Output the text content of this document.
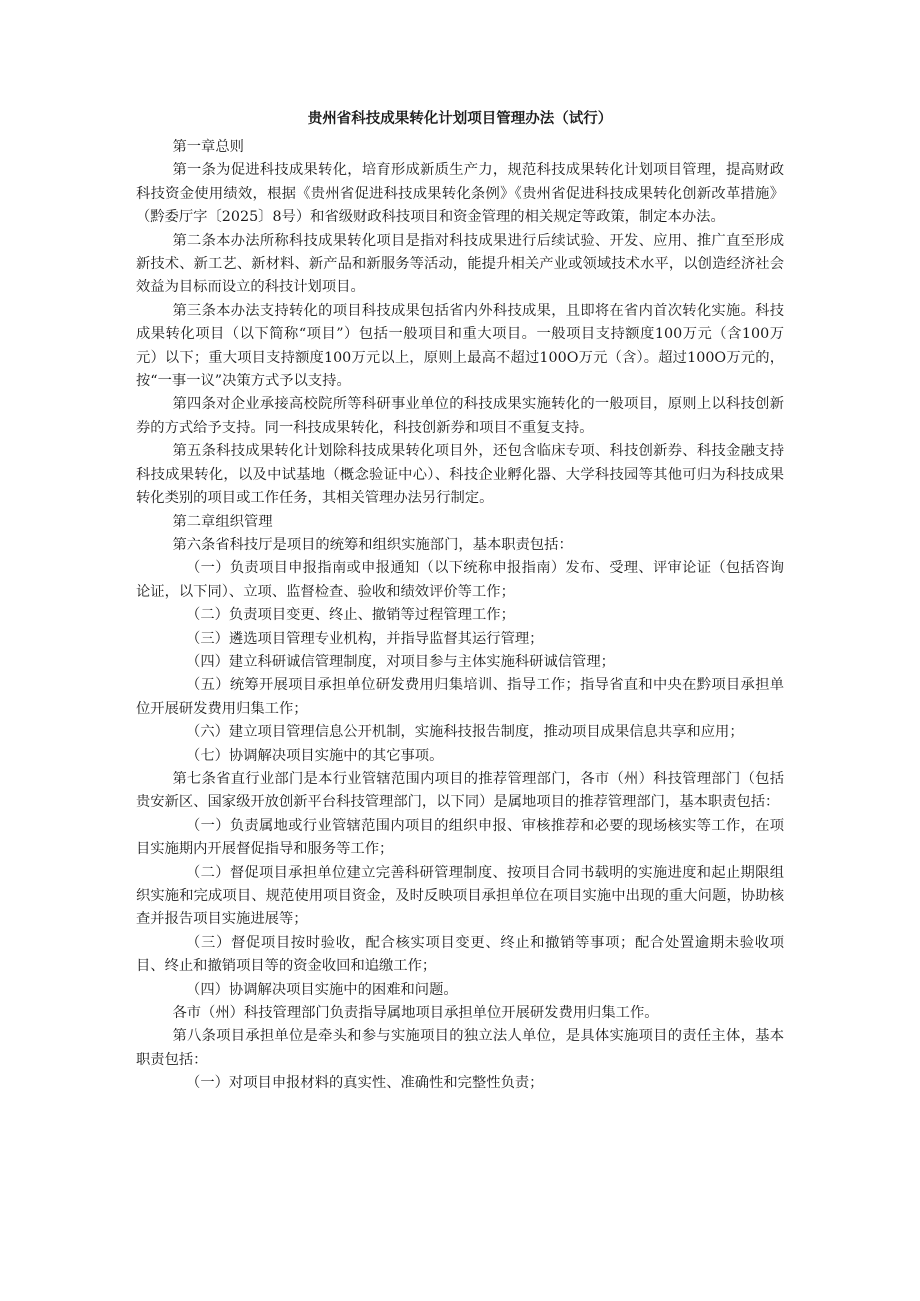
贵州省科技成果转化计划项目管理办法（试行）

第一章总则

第一条为促进科技成果转化，培育形成新质生产力，规范科技成果转化计划项目管理，提高财政科技资金使用绩效，根据《贵州省促进科技成果转化条例》《贵州省促进科技成果转化创新改革措施》（黔委厅字〔2025〕8号）和省级财政科技项目和资金管理的相关规定等政策，制定本办法。

第二条本办法所称科技成果转化项目是指对科技成果进行后续试验、开发、应用、推广直至形成新技术、新工艺、新材料、新产品和新服务等活动，能提升相关产业或领域技术水平，以创造经济社会效益为目标而设立的科技计划项目。

第三条本办法支持转化的项目科技成果包括省内外科技成果，且即将在省内首次转化实施。科技成果转化项目（以下简称“项目”）包括一般项目和重大项目。一般项目支持额度100万元（含100万元）以下；重大项目支持额度100万元以上，原则上最高不超过100O万元（含）。超过100O万元的，按“一事一议”决策方式予以支持。

第四条对企业承接高校院所等科研事业单位的科技成果实施转化的一般项目，原则上以科技创新券的方式给予支持。同一科技成果转化，科技创新券和项目不重复支持。

第五条科技成果转化计划除科技成果转化项目外，还包含临床专项、科技创新券、科技金融支持科技成果转化，以及中试基地（概念验证中心）、科技企业孵化器、大学科技园等其他可归为科技成果转化类别的项目或工作任务，其相关管理办法另行制定。

第二章组织管理

第六条省科技厅是项目的统筹和组织实施部门，基本职责包括：

（一）负责项目申报指南或申报通知（以下统称申报指南）发布、受理、评审论证（包括咨询论证，以下同）、立项、监督检查、验收和绩效评价等工作；

（二）负责项目变更、终止、撤销等过程管理工作；

（三）遴选项目管理专业机构，并指导监督其运行管理；

（四）建立科研诚信管理制度，对项目参与主体实施科研诚信管理；

（五）统筹开展项目承担单位研发费用归集培训、指导工作；指导省直和中央在黔项目承担单位开展研发费用归集工作；

（六）建立项目管理信息公开机制，实施科技报告制度，推动项目成果信息共享和应用；

（七）协调解决项目实施中的其它事项。

第七条省直行业部门是本行业管辖范围内项目的推荐管理部门，各市（州）科技管理部门（包括贵安新区、国家级开放创新平台科技管理部门，以下同）是属地项目的推荐管理部门，基本职责包括：

（一）负责属地或行业管辖范围内项目的组织申报、审核推荐和必要的现场核实等工作，在项目实施期内开展督促指导和服务等工作；

（二）督促项目承担单位建立完善科研管理制度、按项目合同书载明的实施进度和起止期限组织实施和完成项目、规范使用项目资金，及时反映项目承担单位在项目实施中出现的重大问题，协助核查并报告项目实施进展等；

（三）督促项目按时验收，配合核实项目变更、终止和撤销等事项；配合处置逾期未验收项目、终止和撤销项目等的资金收回和追缴工作；

（四）协调解决项目实施中的困难和问题。

各市（州）科技管理部门负责指导属地项目承担单位开展研发费用归集工作。

第八条项目承担单位是牵头和参与实施项目的独立法人单位，是具体实施项目的责任主体，基本职责包括：

（一）对项目申报材料的真实性、准确性和完整性负责；
